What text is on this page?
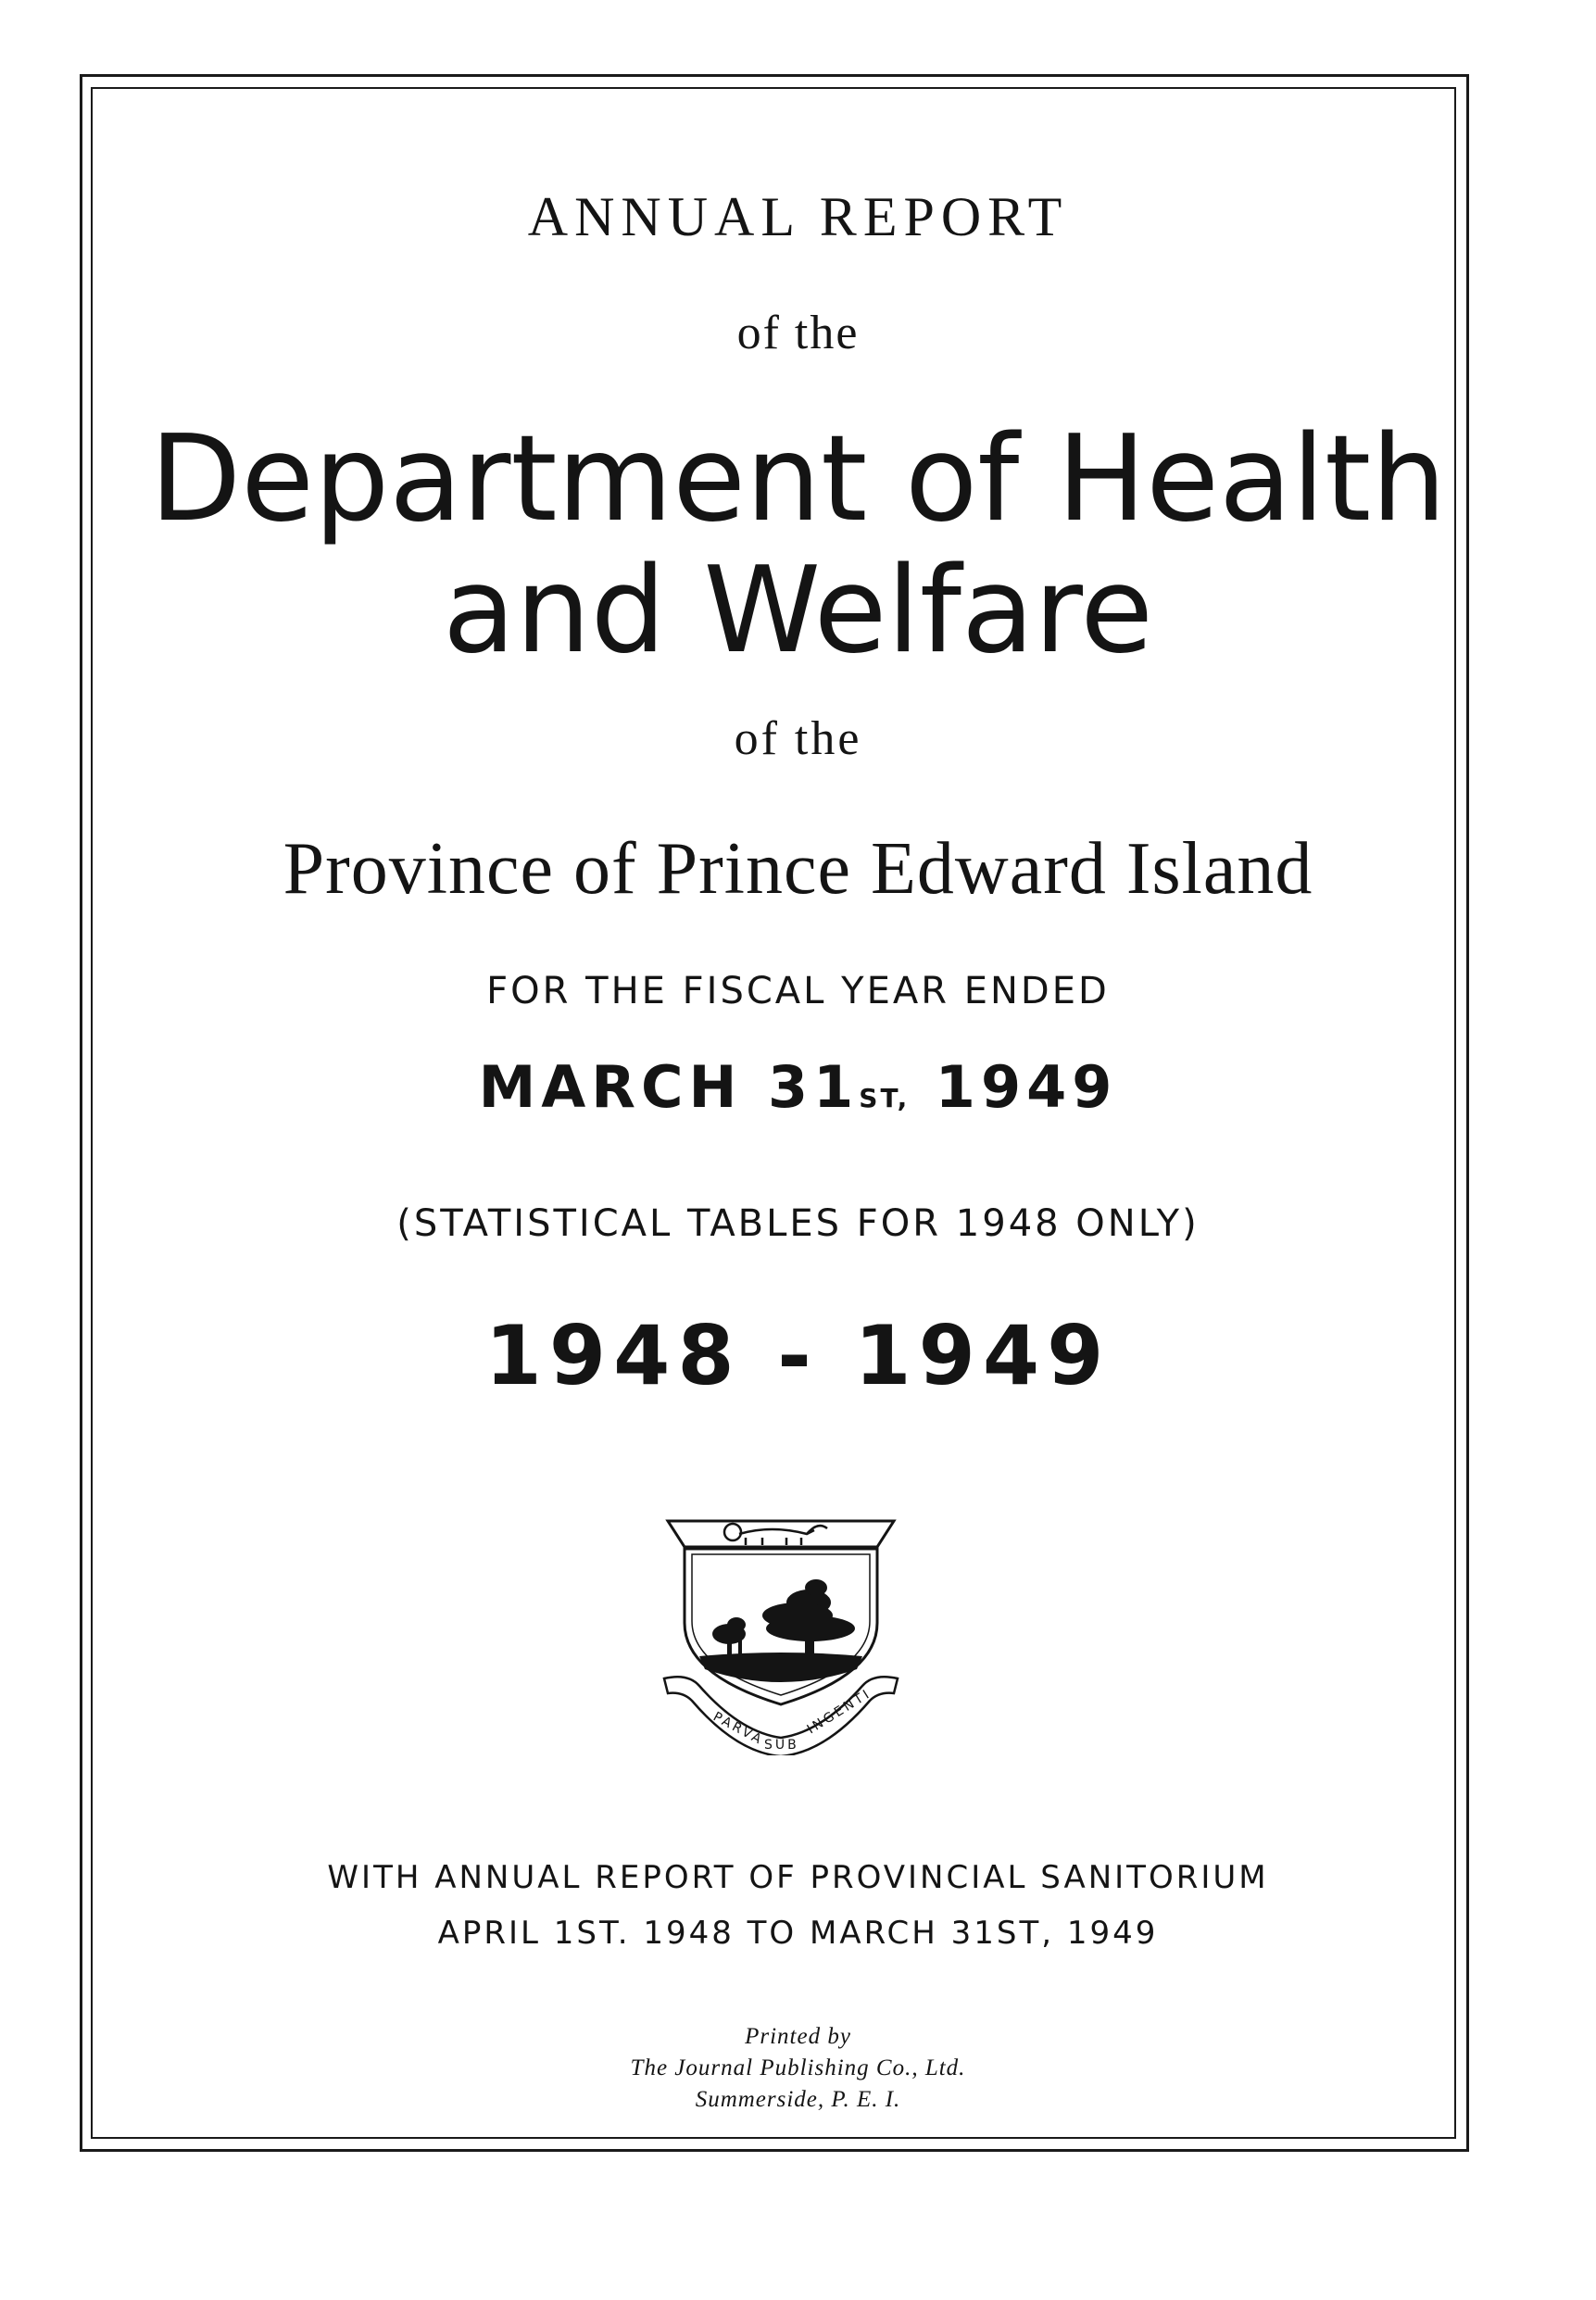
ANNUAL REPORT
of the
Department of Health
and Welfare
of the
Province of Prince Edward Island
FOR THE FISCAL YEAR ENDED
MARCH 31ST, 1949
(STATISTICAL TABLES FOR 1948 ONLY)
1948 - 1949
PARVA
SUB
INGENTI
WITH ANNUAL REPORT OF PROVINCIAL SANITORIUM
APRIL 1ST. 1948 TO MARCH 31ST, 1949
Printed by
The Journal Publishing Co., Ltd.
Summerside, P. E. I.
